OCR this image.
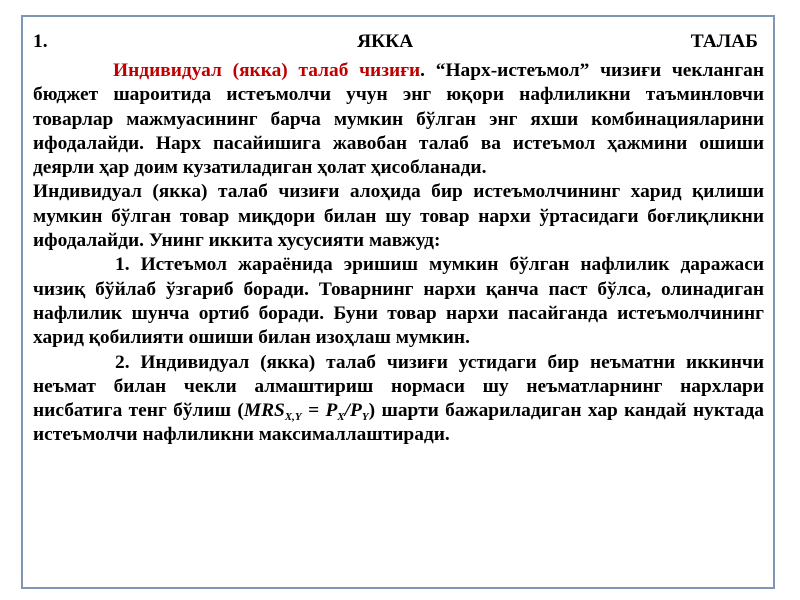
1.	ЯККА	ТАЛАБ

Индивидуал (якка) талаб чизиғи. “Нарх-истеъмол” чизиғи чекланган бюджет шароитида истеъмолчи учун энг юқори нафлиликни таъминловчи товарлар мажмуасининг барча мумкин бўлган энг яхши комбинацияларини ифодалайди. Нарх пасайишига жавобан талаб ва истеъмол ҳажмини ошиши деярли ҳар доим кузатиладиган ҳолат ҳисобланади.

Индивидуал (якка) талаб чизиғи алоҳида бир истеъмолчининг харид қилиши мумкин бўлган товар миқдори билан шу товар нархи ўртасидаги боғлиқликни ифодалайди. Унинг иккита хусусияти мавжуд:

1. Истеъмол жараёнида эришиш мумкин бўлган нафлилик даражаси чизиқ бўйлаб ўзгариб боради. Товарнинг нархи қанча паст бўлса, олинадиган нафлилик шунча ортиб боради. Буни товар нархи пасайганда истеъмолчининг харид қобилияти ошиши билан изоҳлаш мумкин.

2. Индивидуал (якка) талаб чизиғи устидаги бир неъматни иккинчи неъмат билан чекли алмаштириш нормаси шу неъматларнинг нархлари нисбатига тенг бўлиш $(MRS_{X,Y} = P_X/P_Y)$ шарти бажариладиган хар кандай нуктада истеъмолчи нафлиликни максималлаштиради.
